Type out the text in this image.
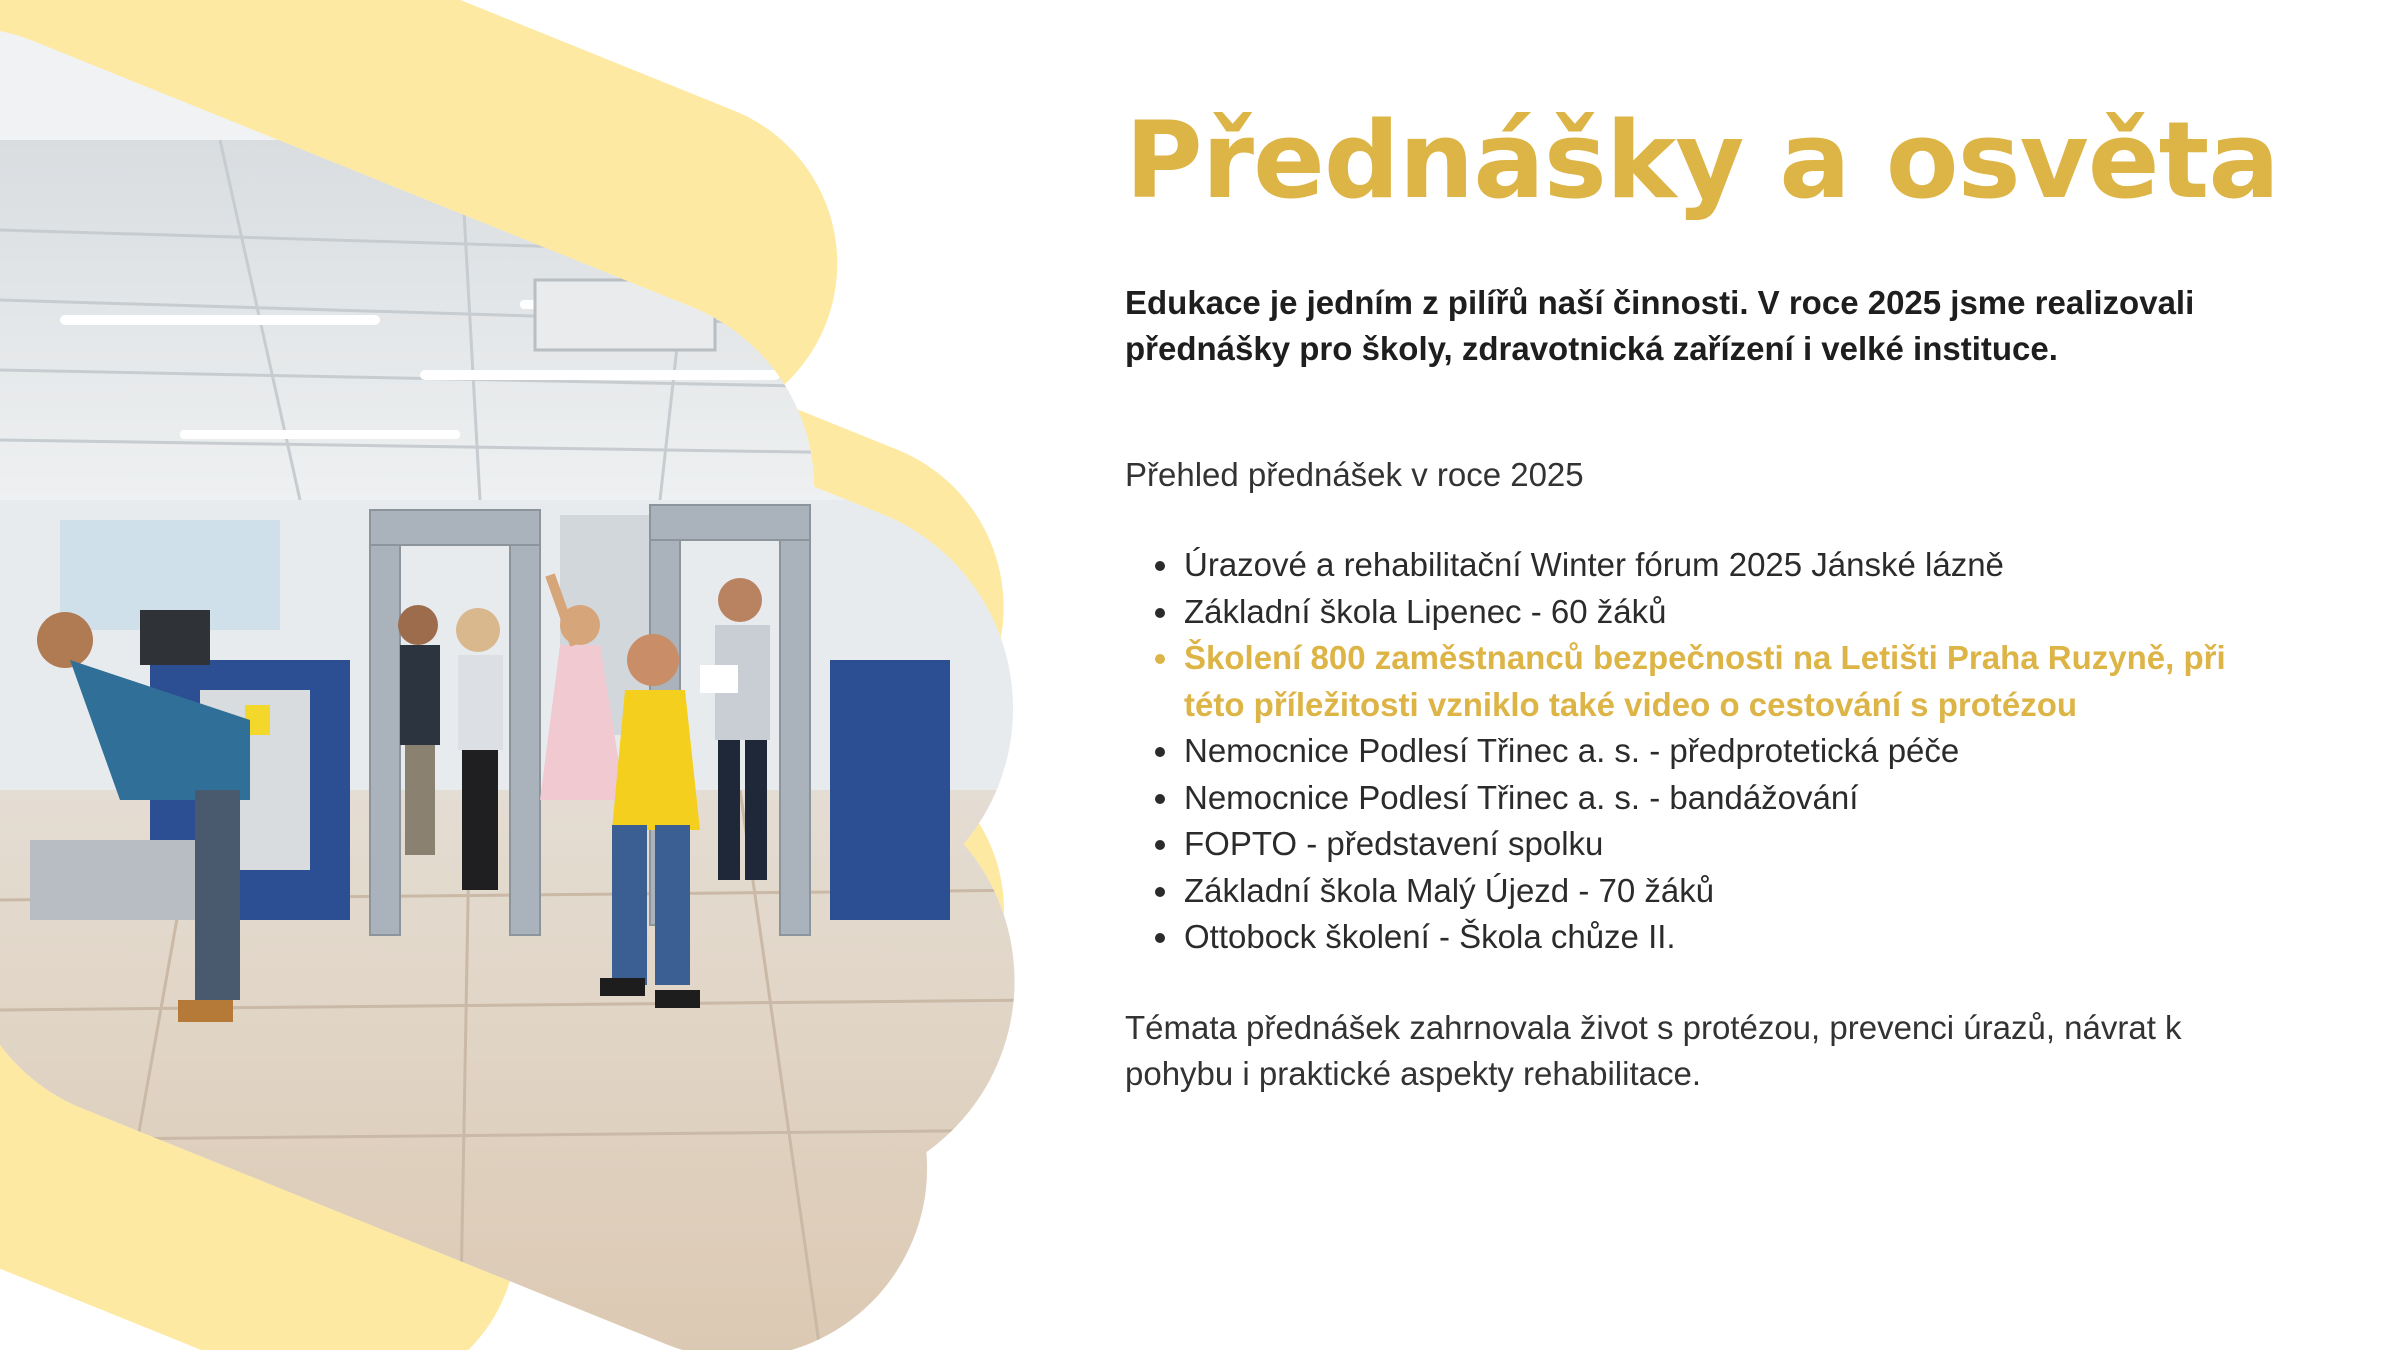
Přednášky a osvěta

Edukace je jedním z pilířů naší činnosti. V roce 2025 jsme realizovali přednášky pro školy, zdravotnická zařízení i velké instituce.

Přehled přednášek v roce 2025

• Úrazové a rehabilitační Winter fórum 2025 Jánské lázně
• Základní škola Lipenec - 60 žáků
• Školení 800 zaměstnanců bezpečnosti na Letišti Praha Ruzyně, při této příležitosti vzniklo také video o cestování s protézou
• Nemocnice Podlesí Třinec a. s. - předprotetická péče
• Nemocnice Podlesí Třinec a. s. - bandážování
• FOPTO - představení spolku
• Základní škola Malý Újezd - 70 žáků
• Ottobock školení - Škola chůze II.

Témata přednášek zahrnovala život s protézou, prevenci úrazů, návrat k pohybu i praktické aspekty rehabilitace.
